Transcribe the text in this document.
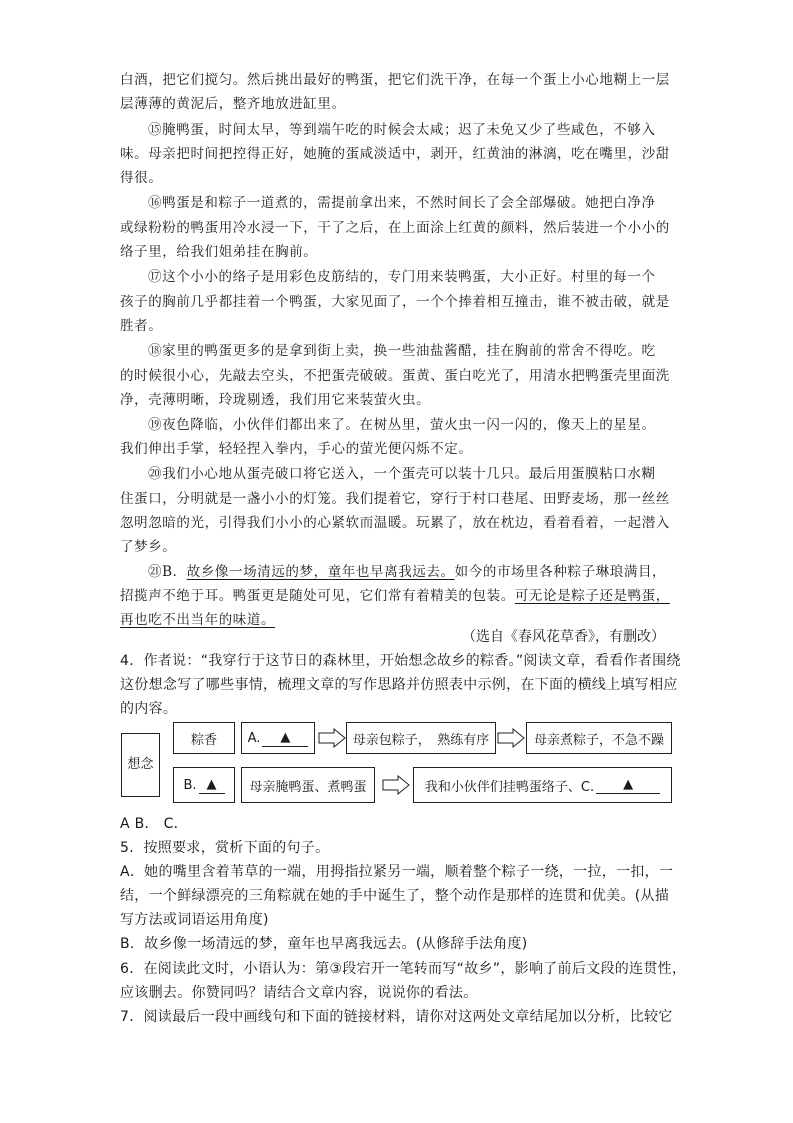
白酒，把它们搅匀。然后挑出最好的鸭蛋，把它们洗干净，在每一个蛋上小心地糊上一层
层薄薄的黄泥后，整齐地放进缸里。
⑮腌鸭蛋，时间太早，等到端午吃的时候会太咸；迟了未免又少了些咸色，不够入
味。母亲把时间把控得正好，她腌的蛋咸淡适中，剥开，红黄油的淋漓，吃在嘴里，沙甜
得很。
⑯鸭蛋是和粽子一道煮的，需提前拿出来，不然时间长了会全部爆破。她把白净净
或绿粉粉的鸭蛋用冷水浸一下，干了之后，在上面涂上红黄的颜料，然后装进一个小小的
络子里，给我们姐弟挂在胸前。
⑰这个小小的络子是用彩色皮筋结的，专门用来装鸭蛋，大小正好。村里的每一个
孩子的胸前几乎都挂着一个鸭蛋，大家见面了，一个个捧着相互撞击，谁不被击破，就是
胜者。
⑱家里的鸭蛋更多的是拿到街上卖，换一些油盐酱醋，挂在胸前的常舍不得吃。吃
的时候很小心，先敲去空头，不把蛋壳破破。蛋黄、蛋白吃光了，用清水把鸭蛋壳里面洗
净，壳薄明晰，玲珑剔透，我们用它来装萤火虫。
⑲夜色降临，小伙伴们都出来了。在树丛里，萤火虫一闪一闪的，像天上的星星。
我们伸出手掌，轻轻捏入拳内，手心的萤光便闪烁不定。
⑳我们小心地从蛋壳破口将它送入，一个蛋壳可以装十几只。最后用蛋膜粘口水糊
住蛋口，分明就是一盏小小的灯笼。我们提着它，穿行于村口巷尾、田野麦场，那一丝丝
忽明忽暗的光，引得我们小小的心紧软而温暖。玩累了，放在枕边，看着看着，一起潜入
了梦乡。
㉑B．故乡像一场清远的梦，童年也早离我远去。如今的市场里各种粽子琳琅满目，
招揽声不绝于耳。鸭蛋更是随处可见，它们常有着精美的包装。可无论是粽子还是鸭蛋，
再也吃不出当年的味道。
（选自《春风花草香》，有删改）
4．作者说：“我穿行于这节日的森林里，开始想念故乡的粽香。”阅读文章，看看作者围绕
这份想念写了哪些事情，梳理文章的写作思路并仿照表中示例，在下面的横线上填写相应
的内容。
想念
粽香	A.	▲	母亲包粽子，　熟练有序	母亲煮粽子，不急不躁
B. ▲	母亲腌鸭蛋、煮鸭蛋	我和小伙伴们挂鸭蛋络子、C.	▲
A B． C．
5．按照要求，赏析下面的句子。
A．她的嘴里含着苇草的一端，用拇指拉紧另一端，顺着整个粽子一绕，一拉，一扣，一
结，一个鲜绿漂亮的三角粽就在她的手中诞生了，整个动作是那样的连贯和优美。(从描
写方法或词语运用角度)
B．故乡像一场清远的梦，童年也早离我远去。(从修辞手法角度)
6．在阅读此文时，小语认为：第③段宕开一笔转而写“故乡”，影响了前后文段的连贯性，
应该删去。你赞同吗？请结合文章内容，说说你的看法。
7．阅读最后一段中画线句和下面的链接材料，请你对这两处文章结尾加以分析，比较它
